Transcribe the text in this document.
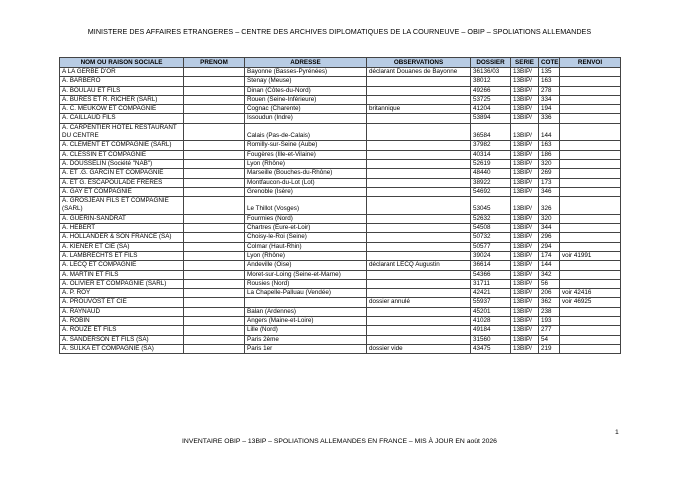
MINISTERE DES AFFAIRES ETRANGERES – CENTRE DES ARCHIVES DIPLOMATIQUES DE LA COURNEUVE – OBIP – SPOLIATIONS ALLEMANDES
NOM OU RAISON SOCIALE	PRENOM	ADRESSE	OBSERVATIONS	DOSSIER	SERIE	COTE	RENVOI
A LA GERBE D'OR		Bayonne (Basses-Pyrénées)	déclarant Douanes de Bayonne	36136/03	13BIP/	135	
A. BARBERO		Stenay (Meuse)		38012	13BIP/	163	
A. BOULAU ET FILS		Dinan (Côtes-du-Nord)		49266	13BIP/	278	
A. BURES ET R. RICHER (SARL)		Rouen (Seine-Inférieure)		53725	13BIP/	334	
A. C. MEUKOW ET COMPAGNIE		Cognac (Charente)	britannique	41204	13BIP/	194	
A. CAILLAUD FILS		Issoudun (Indre)		53894	13BIP/	336	
A. CARPENTIER HOTEL RESTAURANT DU CENTRE		Calais (Pas-de-Calais)		36584	13BIP/	144	
A. CLEMENT ET COMPAGNIE (SARL)		Romilly-sur-Seine (Aube)		37982	13BIP/	163	
A. CLESSIN ET COMPAGNIE		Fougères (Ille-et-Vilaine)		40314	13BIP/	186	
A. DOUSSELIN (Société "NAB")		Lyon (Rhône)		52619	13BIP/	320	
A. ET .G. GARCIN ET COMPAGNIE		Marseille (Bouches-du-Rhône)		48440	13BIP/	269	
A. ET G. ESCAPOULADE FRERES		Montfaucon-du-Lot (Lot)		38922	13BIP/	173	
A. GAY ET COMPAGNIE		Grenoble (Isère)		54692	13BIP/	346	
A. GROSJEAN FILS ET COMPAGNIE (SARL)		Le Thillot (Vosges)		53045	13BIP/	326	
A. GUERIN-SANDRAT		Fourmies (Nord)		52632	13BIP/	320	
A. HEBERT		Chartres (Eure-et-Loir)		54508	13BIP/	344	
A. HOLLANDER & SON FRANCE (SA)		Choisy-le-Roi (Seine)		50732	13BIP/	296	
A. KIENER ET CIE (SA)		Colmar (Haut-Rhin)		50577	13BIP/	294	
A. LAMBRECHTS ET FILS		Lyon (Rhône)		39024	13BIP/	174	voir 41991
A. LECQ ET COMPAGNIE		Andeville (Oise)	déclarant LECQ Augustin	36614	13BIP/	144	
A. MARTIN ET FILS		Moret-sur-Loing (Seine-et-Marne)		54366	13BIP/	342	
A. OLIVIER ET COMPAGNIE (SARL)		Rousies (Nord)		31711	13BIP/	56	
A. P. ROY		La Chapelle-Palluau (Vendée)		42421	13BIP/	206	voir 42416
A. PROUVOST ET CIE			dossier annulé	55937	13BIP/	362	voir 46925
A. RAYNAUD		Balan (Ardennes)		45201	13BIP/	238	
A. ROBIN		Angers (Maine-et-Loire)		41028	13BIP/	193	
A. ROUZE ET FILS		Lille (Nord)		49184	13BIP/	277	
A. SANDERSON ET FILS (SA)		Paris 2ème		31560	13BIP/	54	
A. SULKA ET COMPAGNIE (SA)		Paris 1er	dossier vide	43475	13BIP/	219	
1
INVENTAIRE OBIP – 13BIP – SPOLIATIONS ALLEMANDES EN FRANCE – MIS À JOUR EN août 2026
